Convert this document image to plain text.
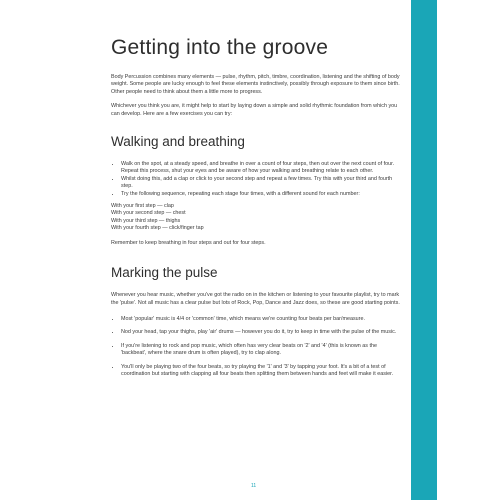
Getting into the groove

Body Percussion combines many elements — pulse, rhythm, pitch, timbre, coordination, listening and the shifting of body weight. Some people are lucky enough to feel these elements instinctively, possibly through exposure to them since birth. Other people need to think about them a little more to progress.

Whichever you think you are, it might help to start by laying down a simple and solid rhythmic foundation from which you can develop. Here are a few exercises you can try:

Walking and breathing
• Walk on the spot, at a steady speed, and breathe in over a count of four steps, then out over the next count of four. Repeat this process, shut your eyes and be aware of how your walking and breathing relate to each other.
• Whilst doing this, add a clap or click to your second step and repeat a few times. Try this with your third and fourth step.
• Try the following sequence, repeating each stage four times, with a different sound for each number:
With your first step — clap
With your second step — chest
With your third step — thighs
With your fourth step — click/finger tap

Remember to keep breathing in four steps and out for four steps.

Marking the pulse

Whenever you hear music, whether you've got the radio on in the kitchen or listening to your favourite playlist, try to mark the 'pulse'. Not all music has a clear pulse but lots of Rock, Pop, Dance and Jazz does, so these are good starting points.

• Most 'popular' music is 4/4 or 'common' time, which means we're counting four beats per bar/measure.
• Nod your head, tap your thighs, play 'air' drums — however you do it, try to keep in time with the pulse of the music.
• If you're listening to rock and pop music, which often has very clear beats on '2' and '4' (this is known as the 'backbeat', where the snare drum is often played), try to clap along.
• You'll only be playing two of the four beats, so try playing the '1' and '3' by tapping your foot. It's a bit of a test of coordination but starting with clapping all four beats then splitting them between hands and feet will make it easier.
11
